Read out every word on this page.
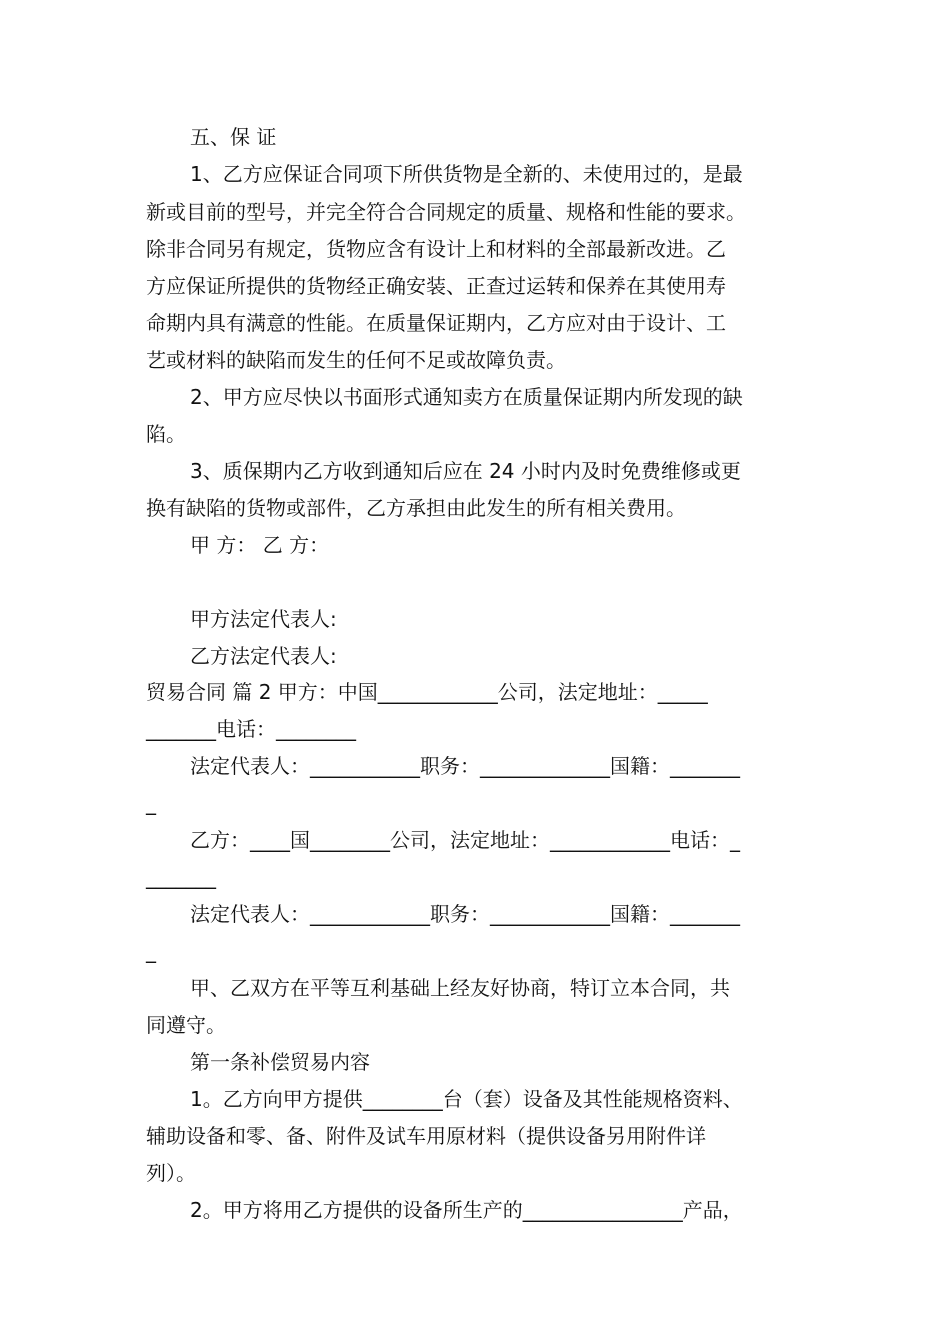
五、保 证
1、乙方应保证合同项下所供货物是全新的、未使用过的，是最
新或目前的型号，并完全符合合同规定的质量、规格和性能的要求。
除非合同另有规定，货物应含有设计上和材料的全部最新改进。乙
方应保证所提供的货物经正确安装、正查过运转和保养在其使用寿
命期内具有满意的性能。在质量保证期内，乙方应对由于设计、工
艺或材料的缺陷而发生的任何不足或故障负责。
2、甲方应尽快以书面形式通知卖方在质量保证期内所发现的缺
陷。
3、质保期内乙方收到通知后应在 24 小时内及时免费维修或更
换有缺陷的货物或部件，乙方承担由此发生的所有相关费用。
甲 方： 乙 方：
甲方法定代表人:
乙方法定代表人:
贸易合同 篇 2 甲方：中国____________公司，法定地址：_____
_______电话：________
法定代表人：___________职务：_____________国籍：_______
_
乙方：____国________公司，法定地址：____________电话：_
_______
法定代表人：____________职务：____________国籍：_______
_
甲、乙双方在平等互利基础上经友好协商，特订立本合同，共
同遵守。
第一条补偿贸易内容
1。乙方向甲方提供________台（套）设备及其性能规格资料、
辅助设备和零、备、附件及试车用原材料（提供设备另用附件详
列）。
2。甲方将用乙方提供的设备所生产的________________产品，
